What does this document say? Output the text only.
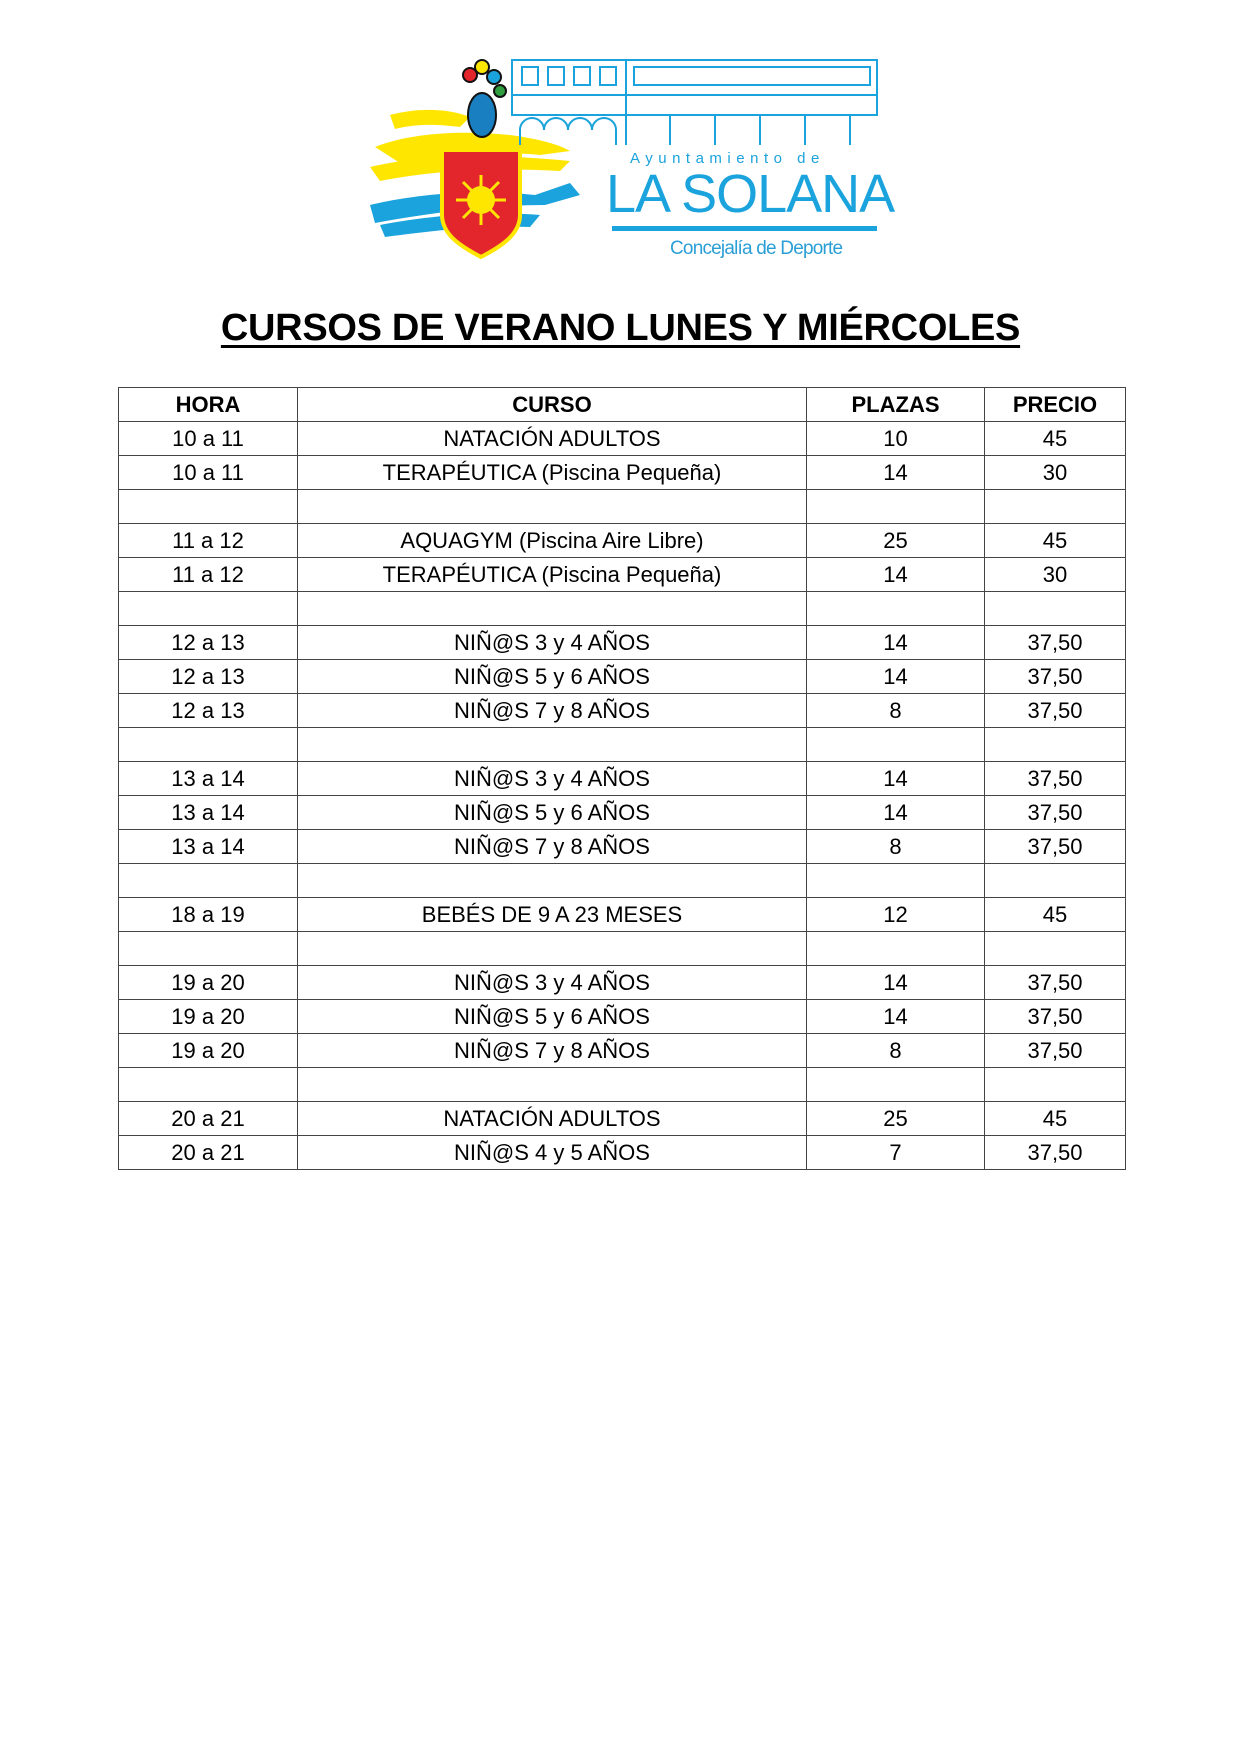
Ayuntamiento de
LA SOLANA
Concejalía de Deporte
CURSOS DE VERANO LUNES Y MIÉRCOLES
HORA	CURSO	PLAZAS	PRECIO
10 a 11	NATACIÓN ADULTOS	10	45
10 a 11	TERAPÉUTICA (Piscina Pequeña)	14	30

11 a 12	AQUAGYM (Piscina Aire Libre)	25	45
11 a 12	TERAPÉUTICA (Piscina Pequeña)	14	30

12 a 13	NIÑ@S 3 y 4 AÑOS	14	37,50
12 a 13	NIÑ@S 5 y 6 AÑOS	14	37,50
12 a 13	NIÑ@S 7 y 8 AÑOS	8	37,50

13 a 14	NIÑ@S 3 y 4 AÑOS	14	37,50
13 a 14	NIÑ@S 5 y 6 AÑOS	14	37,50
13 a 14	NIÑ@S 7 y 8 AÑOS	8	37,50

18 a 19	BEBÉS DE 9 A 23 MESES	12	45

19 a 20	NIÑ@S 3 y 4 AÑOS	14	37,50
19 a 20	NIÑ@S 5 y 6 AÑOS	14	37,50
19 a 20	NIÑ@S 7 y 8 AÑOS	8	37,50

20 a 21	NATACIÓN ADULTOS	25	45
20 a 21	NIÑ@S 4 y 5 AÑOS	7	37,50
